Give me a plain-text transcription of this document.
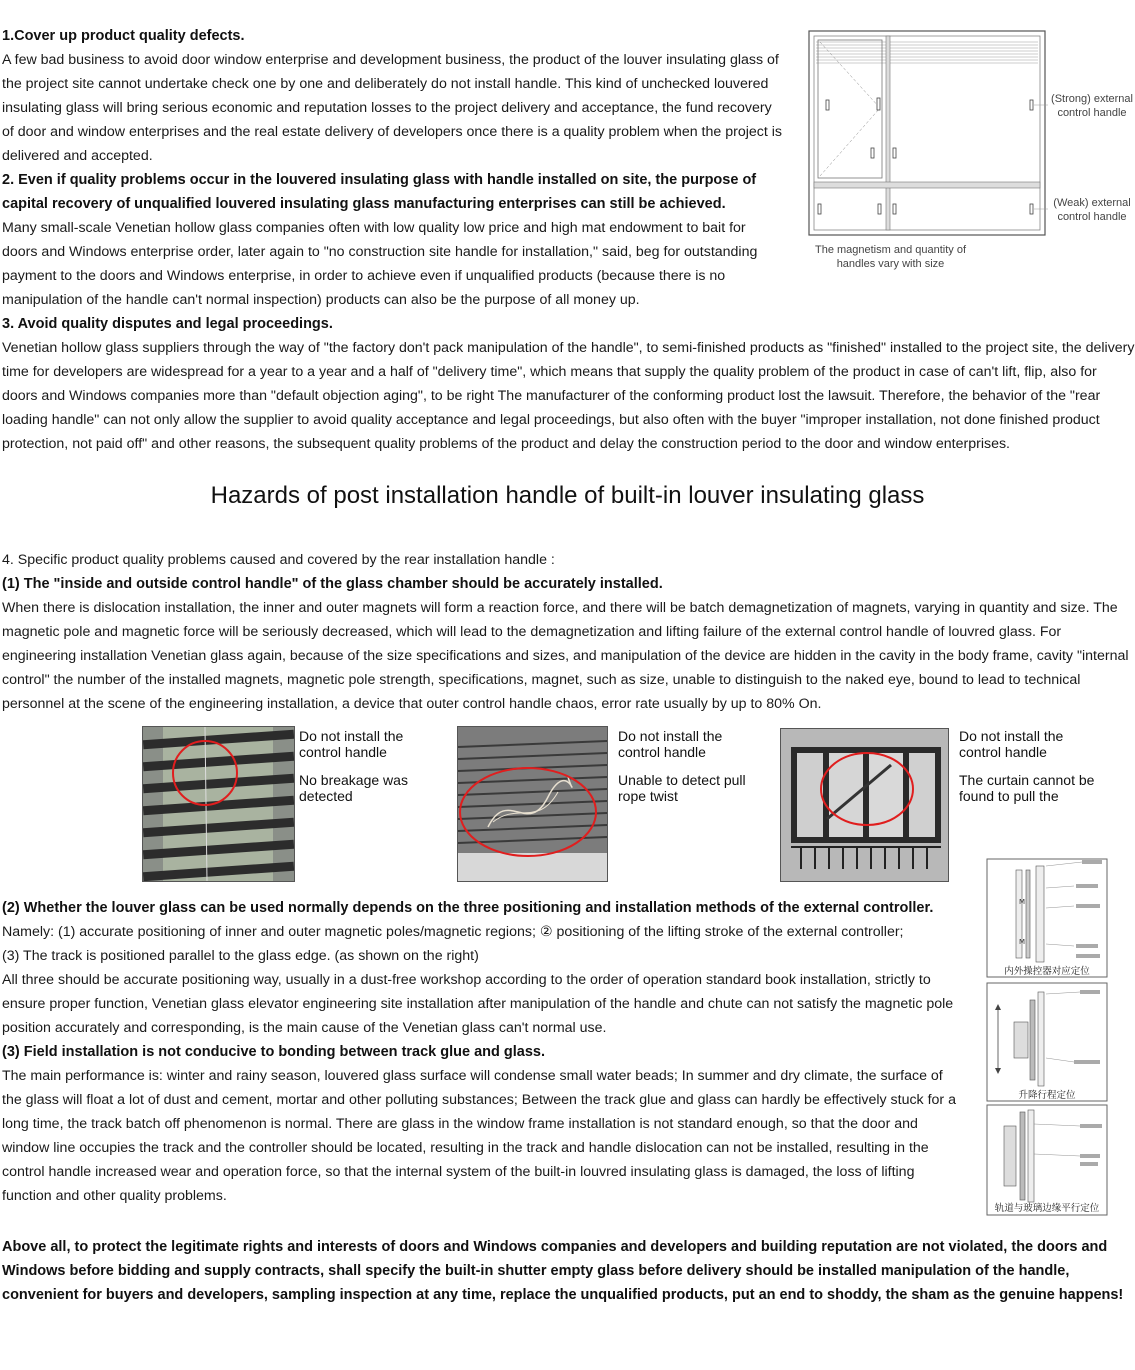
1.Cover up product quality defects.

A few bad business to avoid door window enterprise and development business, the product of the louver insulating glass of the project site cannot undertake check one by one and deliberately do not install handle. This kind of unchecked louvered insulating glass will bring serious economic and reputation losses to the project delivery and acceptance, the fund recovery of door and window enterprises and the real estate delivery of developers once there is a quality problem when the project is delivered and accepted.

2. Even if quality problems occur in the louvered insulating glass with handle installed on site, the purpose of capital recovery of unqualified louvered insulating glass manufacturing enterprises can still be achieved.

Many small-scale Venetian hollow glass companies often with low quality low price and high mat endowment to bait for doors and Windows enterprise order, later again to "no construction site handle for installation," said, beg for outstanding payment to the doors and Windows enterprise, in order to achieve even if unqualified products (because there is no manipulation of the handle can't normal inspection) products can also be the purpose of all money up.

(Strong) external control handle
(Weak) external control handle
The magnetism and quantity of handles vary with size

3. Avoid quality disputes and legal proceedings.

Venetian hollow glass suppliers through the way of "the factory don't pack manipulation of the handle", to semi-finished products as "finished" installed to the project site, the delivery time for developers are widespread for a year to a year and a half of "delivery time", which means that supply the quality problem of the product in case of can't lift, flip, also for doors and Windows companies more than "default objection aging", to be right The manufacturer of the conforming product lost the lawsuit. Therefore, the behavior of the "rear loading handle" can not only allow the supplier to avoid quality acceptance and legal proceedings, but also often with the buyer "improper installation, not done finished product protection, not paid off" and other reasons, the subsequent quality problems of the product and delay the construction period to the door and window enterprises.

Hazards of post installation handle of built-in louver insulating glass

4. Specific product quality problems caused and covered by the rear installation handle :

(1) The "inside and outside control handle" of the glass chamber should be accurately installed.

When there is dislocation installation, the inner and outer magnets will form a reaction force, and there will be batch demagnetization of magnets, varying in quantity and size. The magnetic pole and magnetic force will be seriously decreased, which will lead to the demagnetization and lifting failure of the external control handle of louvred glass. For engineering installation Venetian glass again, because of the size specifications and sizes, and manipulation of the device are hidden in the cavity in the body frame, cavity "internal control" the number of the installed magnets, magnetic pole strength, specifications, magnet, such as size, unable to distinguish to the naked eye, bound to lead to technical personnel at the scene of the engineering installation, a device that outer control handle chaos, error rate usually by up to 80% On.

Do not install the control handle

No breakage was detected

Do not install the control handle

Unable to detect pull rope twist

Do not install the control handle

The curtain cannot be found to pull the

(2) Whether the louver glass can be used normally depends on the three positioning and installation methods of the external controller.

Namely: (1) accurate positioning of inner and outer magnetic poles/magnetic regions; ② positioning of the lifting stroke of the external controller;

(3) The track is positioned parallel to the glass edge. (as shown on the right)

All three should be accurate positioning way, usually in a dust-free workshop according to the order of operation standard book installation, strictly to ensure proper function, Venetian glass elevator engineering site installation after manipulation of the handle and chute can not satisfy the magnetic pole position accurately and corresponding, is the main cause of the Venetian glass can't normal use.

(3) Field installation is not conducive to bonding between track glue and glass.

The main performance is: winter and rainy season, louvered glass surface will condense small water beads; In summer and dry climate, the surface of the glass will float a lot of dust and cement, mortar and other polluting substances; Between the track glue and glass can hardly be effectively stuck for a long time, the track batch off phenomenon is normal. There are glass in the window frame installation is not standard enough, so that the door and window line occupies the track and the controller should be located, resulting in the track and handle dislocation can not be installed, resulting in the control handle increased wear and operation force, so that the internal system of the built-in louvred insulating glass is damaged, the loss of lifting function and other quality problems.

M
M
内外操控器对应定位
升降行程定位
轨道与玻璃边缘平行定位

Above all, to protect the legitimate rights and interests of doors and Windows companies and developers and building reputation are not violated, the doors and Windows before bidding and supply contracts, shall specify the built-in shutter empty glass before delivery should be installed manipulation of the handle, convenient for buyers and developers, sampling inspection at any time, replace the unqualified products, put an end to shoddy, the sham as the genuine happens!
